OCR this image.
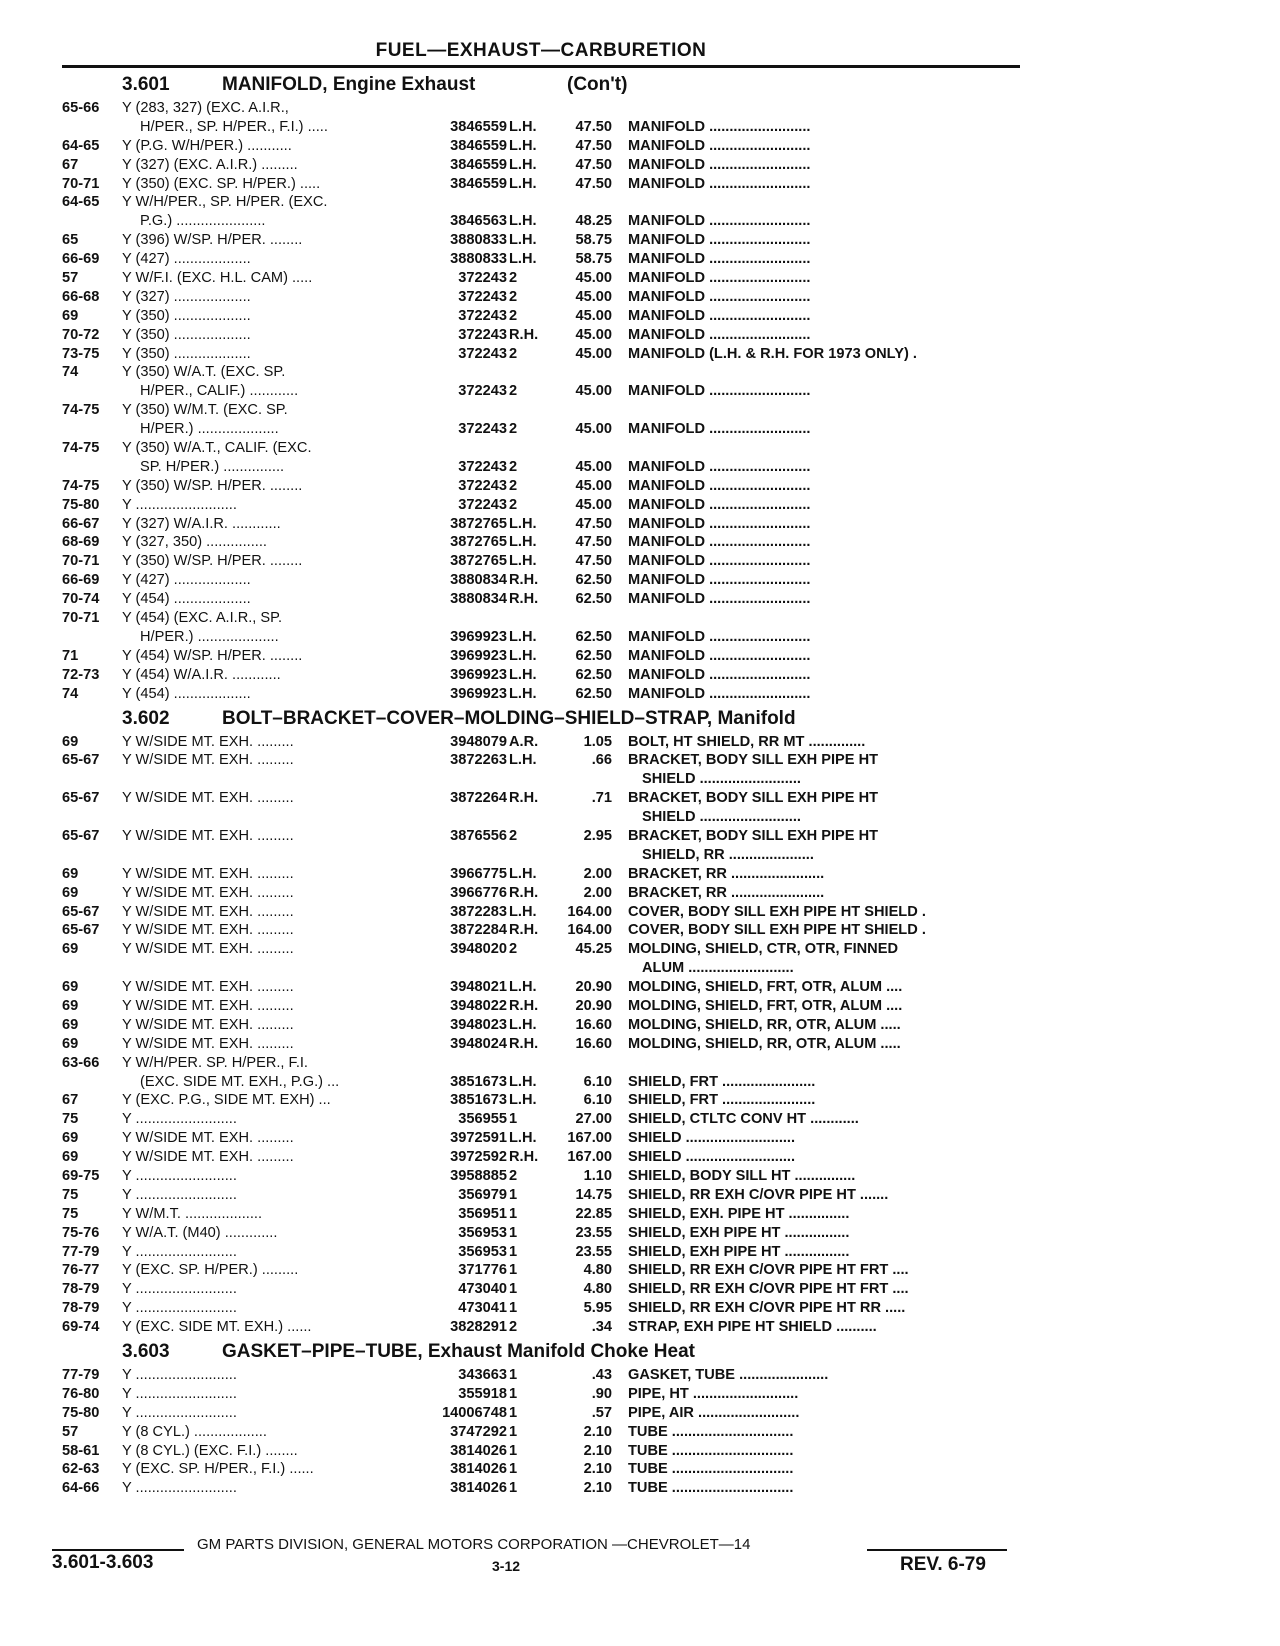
FUEL—EXHAUST—CARBURETION
3.601	MANIFOLD, Engine Exhaust	(Con't)
65-66 Y (283, 327) (EXC. A.I.R.,
H/PER., SP. H/PER., F.I.) .....	3846559 L.H.	47.50 MANIFOLD .........................
64-65 Y (P.G. W/H/PER.) ...........	3846559 L.H.	47.50 MANIFOLD .........................
67	Y (327) (EXC. A.I.R.) .........	3846559 L.H.	47.50 MANIFOLD .........................
70-71 Y (350) (EXC. SP. H/PER.) .....	3846559 L.H.	47.50 MANIFOLD .........................
64-65 Y W/H/PER., SP. H/PER. (EXC.
P.G.) ......................	3846563 L.H.	48.25 MANIFOLD .........................
65	Y (396) W/SP. H/PER. ........	3880833 L.H.	58.75 MANIFOLD .........................
66-69 Y (427) ...................	3880833 L.H.	58.75 MANIFOLD .........................
57	Y W/F.I. (EXC. H.L. CAM) .....	372243 2	45.00 MANIFOLD .........................
66-68 Y (327) ...................	372243 2	45.00 MANIFOLD .........................
69	Y (350) ...................	372243 2	45.00 MANIFOLD .........................
70-72 Y (350) ...................	372243 R.H.	45.00 MANIFOLD .........................
73-75 Y (350) ...................	372243 2	45.00 MANIFOLD (L.H. & R.H. FOR 1973 ONLY) .
74	Y (350) W/A.T. (EXC. SP.
H/PER., CALIF.) ............	372243 2	45.00 MANIFOLD .........................
74-75 Y (350) W/M.T. (EXC. SP.
H/PER.) ....................	372243 2	45.00 MANIFOLD .........................
74-75 Y (350) W/A.T., CALIF. (EXC.
SP. H/PER.) ...............	372243 2	45.00 MANIFOLD .........................
74-75 Y (350) W/SP. H/PER. ........	372243 2	45.00 MANIFOLD .........................
75-80 Y .........................	372243 2	45.00 MANIFOLD .........................
66-67 Y (327) W/A.I.R. ............	3872765 L.H.	47.50 MANIFOLD .........................
68-69 Y (327, 350) ...............	3872765 L.H.	47.50 MANIFOLD .........................
70-71 Y (350) W/SP. H/PER. ........	3872765 L.H.	47.50 MANIFOLD .........................
66-69 Y (427) ...................	3880834 R.H.	62.50 MANIFOLD .........................
70-74 Y (454) ...................	3880834 R.H.	62.50 MANIFOLD .........................
70-71 Y (454) (EXC. A.I.R., SP.
H/PER.) ....................	3969923 L.H.	62.50 MANIFOLD .........................
71	Y (454) W/SP. H/PER. ........	3969923 L.H.	62.50 MANIFOLD .........................
72-73 Y (454) W/A.I.R. ............	3969923 L.H.	62.50 MANIFOLD .........................
74	Y (454) ...................	3969923 L.H.	62.50 MANIFOLD .........................
3.602	BOLT–BRACKET–COVER–MOLDING–SHIELD–STRAP, Manifold
69	Y W/SIDE MT. EXH. .........	3948079 A.R.	1.05 BOLT, HT SHIELD, RR MT ..............
65-67 Y W/SIDE MT. EXH. .........	3872263 L.H.	.66 BRACKET, BODY SILL EXH PIPE HT
SHIELD .........................
65-67 Y W/SIDE MT. EXH. .........	3872264 R.H.	.71 BRACKET, BODY SILL EXH PIPE HT
SHIELD .........................
65-67 Y W/SIDE MT. EXH. .........	3876556 2	2.95 BRACKET, BODY SILL EXH PIPE HT
SHIELD, RR .....................
69	Y W/SIDE MT. EXH. .........	3966775 L.H.	2.00 BRACKET, RR .......................
69	Y W/SIDE MT. EXH. .........	3966776 R.H.	2.00 BRACKET, RR .......................
65-67 Y W/SIDE MT. EXH. .........	3872283 L.H.	164.00 COVER, BODY SILL EXH PIPE HT SHIELD .
65-67 Y W/SIDE MT. EXH. .........	3872284 R.H.	164.00 COVER, BODY SILL EXH PIPE HT SHIELD .
69	Y W/SIDE MT. EXH. .........	3948020 2	45.25 MOLDING, SHIELD, CTR, OTR, FINNED
ALUM ..........................
69	Y W/SIDE MT. EXH. .........	3948021 L.H.	20.90 MOLDING, SHIELD, FRT, OTR, ALUM ....
69	Y W/SIDE MT. EXH. .........	3948022 R.H.	20.90 MOLDING, SHIELD, FRT, OTR, ALUM ....
69	Y W/SIDE MT. EXH. .........	3948023 L.H.	16.60 MOLDING, SHIELD, RR, OTR, ALUM .....
69	Y W/SIDE MT. EXH. .........	3948024 R.H.	16.60 MOLDING, SHIELD, RR, OTR, ALUM .....
63-66 Y W/H/PER. SP. H/PER., F.I.
(EXC. SIDE MT. EXH., P.G.) ...	3851673 L.H.	6.10 SHIELD, FRT .......................
67	Y (EXC. P.G., SIDE MT. EXH) ...	3851673 L.H.	6.10 SHIELD, FRT .......................
75	Y .........................	356955 1	27.00 SHIELD, CTLTC CONV HT ............
69	Y W/SIDE MT. EXH. .........	3972591 L.H.	167.00 SHIELD ...........................
69	Y W/SIDE MT. EXH. .........	3972592 R.H.	167.00 SHIELD ...........................
69-75 Y .........................	3958885 2	1.10 SHIELD, BODY SILL HT ...............
75	Y .........................	356979 1	14.75 SHIELD, RR EXH C/OVR PIPE HT .......
75	Y W/M.T. ...................	356951 1	22.85 SHIELD, EXH. PIPE HT ...............
75-76 Y W/A.T. (M40) .............	356953 1	23.55 SHIELD, EXH PIPE HT ................
77-79 Y .........................	356953 1	23.55 SHIELD, EXH PIPE HT ................
76-77 Y (EXC. SP. H/PER.) .........	371776 1	4.80 SHIELD, RR EXH C/OVR PIPE HT FRT ....
78-79 Y .........................	473040 1	4.80 SHIELD, RR EXH C/OVR PIPE HT FRT ....
78-79 Y .........................	473041 1	5.95 SHIELD, RR EXH C/OVR PIPE HT RR .....
69-74 Y (EXC. SIDE MT. EXH.) ......	3828291 2	.34 STRAP, EXH PIPE HT SHIELD ..........
3.603	GASKET–PIPE–TUBE, Exhaust Manifold Choke Heat
77-79 Y .........................	343663 1	.43 GASKET, TUBE ......................
76-80 Y .........................	355918 1	.90 PIPE, HT ..........................
75-80 Y .........................	14006748 1	.57 PIPE, AIR .........................
57	Y (8 CYL.) ..................	3747292 1	2.10 TUBE ..............................
58-61 Y (8 CYL.) (EXC. F.I.) ........	3814026 1	2.10 TUBE ..............................
62-63 Y (EXC. SP. H/PER., F.I.) ......	3814026 1	2.10 TUBE ..............................
64-66 Y .........................	3814026 1	2.10 TUBE ..............................
GM PARTS DIVISION, GENERAL MOTORS CORPORATION —CHEVROLET—14
3.601-3.603	3-12	REV. 6-79
